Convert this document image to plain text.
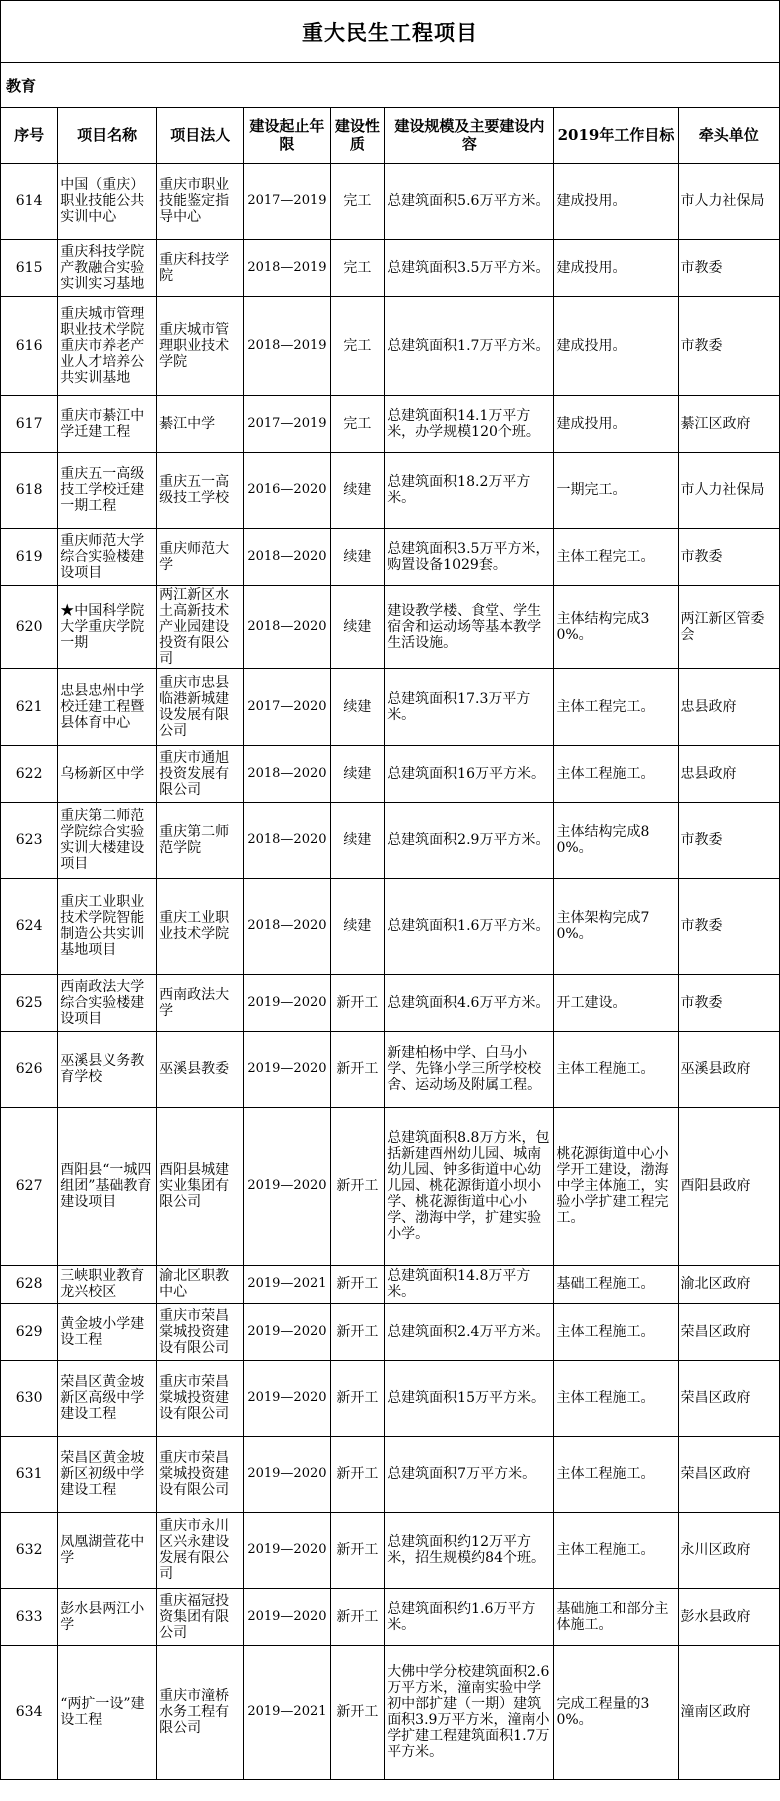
重大民生工程项目
教育
序号	项目名称	项目法人	建设起止年限	建设性质	建设规模及主要建设内容	2019年工作目标	牵头单位
614	中国（重庆）职业技能公共实训中心	重庆市职业技能鉴定指导中心	2017—2019	完工	总建筑面积5.6万平方米。	建成投用。	市人力社保局
615	重庆科技学院产教融合实验实训实习基地	重庆科技学院	2018—2019	完工	总建筑面积3.5万平方米。	建成投用。	市教委
616	重庆城市管理职业技术学院重庆市养老产业人才培养公共实训基地	重庆城市管理职业技术学院	2018—2019	完工	总建筑面积1.7万平方米。	建成投用。	市教委
617	重庆市綦江中学迁建工程	綦江中学	2017—2019	完工	总建筑面积14.1万平方米，办学规模120个班。	建成投用。	綦江区政府
618	重庆五一高级技工学校迁建一期工程	重庆五一高级技工学校	2016—2020	续建	总建筑面积18.2万平方米。	一期完工。	市人力社保局
619	重庆师范大学综合实验楼建设项目	重庆师范大学	2018—2020	续建	总建筑面积3.5万平方米，购置设备1029套。	主体工程完工。	市教委
620	★中国科学院大学重庆学院一期	两江新区水土高新技术产业园建设投资有限公司	2018—2020	续建	建设教学楼、食堂、学生宿舍和运动场等基本教学生活设施。	主体结构完成30%。	两江新区管委会
621	忠县忠州中学校迁建工程暨县体育中心	重庆市忠县临港新城建设发展有限公司	2017—2020	续建	总建筑面积17.3万平方米。	主体工程完工。	忠县政府
622	乌杨新区中学	重庆市通旭投资发展有限公司	2018—2020	续建	总建筑面积16万平方米。	主体工程施工。	忠县政府
623	重庆第二师范学院综合实验实训大楼建设项目	重庆第二师范学院	2018—2020	续建	总建筑面积2.9万平方米。	主体结构完成80%。	市教委
624	重庆工业职业技术学院智能制造公共实训基地项目	重庆工业职业技术学院	2018—2020	续建	总建筑面积1.6万平方米。	主体架构完成70%。	市教委
625	西南政法大学综合实验楼建设项目	西南政法大学	2019—2020	新开工	总建筑面积4.6万平方米。	开工建设。	市教委
626	巫溪县义务教育学校	巫溪县教委	2019—2020	新开工	新建柏杨中学、白马小学、先锋小学三所学校校舍、运动场及附属工程。	主体工程施工。	巫溪县政府
627	酉阳县“一城四组团”基础教育建设项目	酉阳县城建实业集团有限公司	2019—2020	新开工	总建筑面积8.8万方米，包括新建酉州幼儿园、城南幼儿园、钟多街道中心幼儿园、桃花源街道小坝小学、桃花源街道中心小学、渤海中学，扩建实验小学。	桃花源街道中心小学开工建设，渤海中学主体施工，实验小学扩建工程完工。	酉阳县政府
628	三峡职业教育龙兴校区	渝北区职教中心	2019—2021	新开工	总建筑面积14.8万平方米。	基础工程施工。	渝北区政府
629	黄金坡小学建设工程	重庆市荣昌棠城投资建设有限公司	2019—2020	新开工	总建筑面积2.4万平方米。	主体工程施工。	荣昌区政府
630	荣昌区黄金坡新区高级中学建设工程	重庆市荣昌棠城投资建设有限公司	2019—2020	新开工	总建筑面积15万平方米。	主体工程施工。	荣昌区政府
631	荣昌区黄金坡新区初级中学建设工程	重庆市荣昌棠城投资建设有限公司	2019—2020	新开工	总建筑面积7万平方米。	主体工程施工。	荣昌区政府
632	凤凰湖萱花中学	重庆市永川区兴永建设发展有限公司	2019—2020	新开工	总建筑面积约12万平方米，招生规模约84个班。	主体工程施工。	永川区政府
633	彭水县两江小学	重庆福冠投资集团有限公司	2019—2020	新开工	总建筑面积约1.6万平方米。	基础施工和部分主体施工。	彭水县政府
634	“两扩一设”建设工程	重庆市潼桥水务工程有限公司	2019—2021	新开工	大佛中学分校建筑面积2.6万平方米，潼南实验中学初中部扩建（一期）建筑面积3.9万平方米，潼南小学扩建工程建筑面积1.7万平方米。	完成工程量的30%。	潼南区政府
